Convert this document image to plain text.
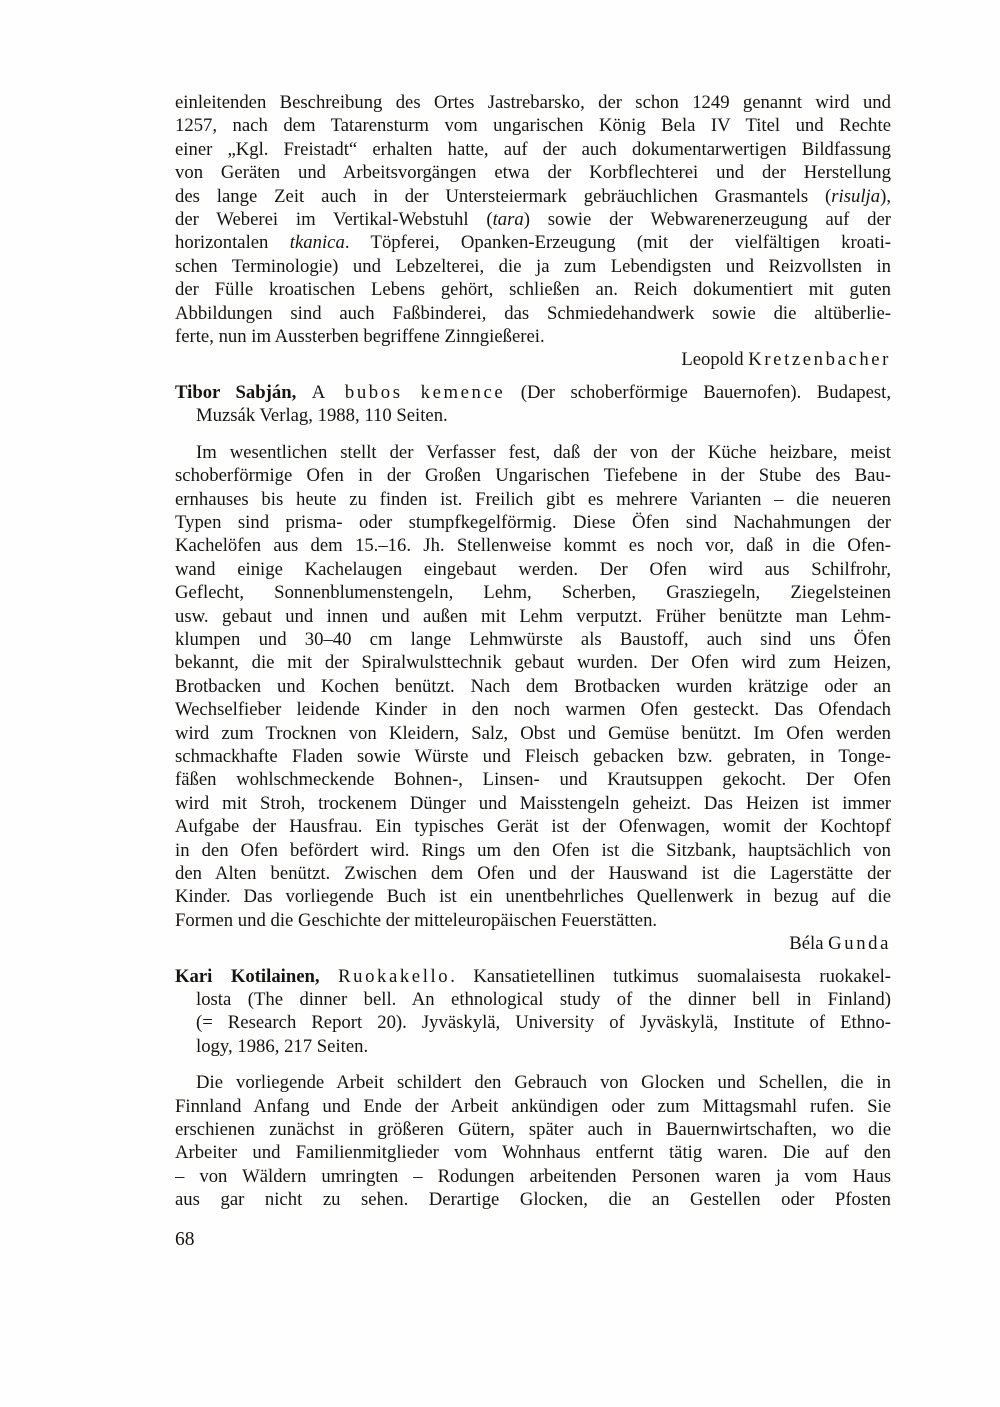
einleitenden Beschreibung des Ortes Jastrebarsko, der schon 1249 genannt wird und
1257, nach dem Tatarensturm vom ungarischen König Bela IV Titel und Rechte
einer „Kgl. Freistadt“ erhalten hatte, auf der auch dokumentarwertigen Bildfassung
von Geräten und Arbeitsvorgängen etwa der Korbflechterei und der Herstellung
des lange Zeit auch in der Untersteiermark gebräuchlichen Grasmantels (risulja),
der Weberei im Vertikal-Webstuhl (tara) sowie der Webwarenerzeugung auf der
horizontalen tkanica. Töpferei, Opanken-Erzeugung (mit der vielfältigen kroati-
schen Terminologie) und Lebzelterei, die ja zum Lebendigsten und Reizvollsten in
der Fülle kroatischen Lebens gehört, schließen an. Reich dokumentiert mit guten
Abbildungen sind auch Faßbinderei, das Schmiedehandwerk sowie die altüberlie-
ferte, nun im Aussterben begriffene Zinngießerei.
Leopold Kretzenbacher
Tibor Sabján, A bubos kemence (Der schoberförmige Bauernofen). Budapest,
Muzsák Verlag, 1988, 110 Seiten.
Im wesentlichen stellt der Verfasser fest, daß der von der Küche heizbare, meist
schoberförmige Ofen in der Großen Ungarischen Tiefebene in der Stube des Bau-
ernhauses bis heute zu finden ist. Freilich gibt es mehrere Varianten – die neueren
Typen sind prisma- oder stumpfkegelförmig. Diese Öfen sind Nachahmungen der
Kachelöfen aus dem 15.–16. Jh. Stellenweise kommt es noch vor, daß in die Ofen-
wand einige Kachelaugen eingebaut werden. Der Ofen wird aus Schilfrohr,
Geflecht, Sonnenblumenstengeln, Lehm, Scherben, Grasziegeln, Ziegelsteinen
usw. gebaut und innen und außen mit Lehm verputzt. Früher benützte man Lehm-
klumpen und 30–40 cm lange Lehmwürste als Baustoff, auch sind uns Öfen
bekannt, die mit der Spiralwulsttechnik gebaut wurden. Der Ofen wird zum Heizen,
Brotbacken und Kochen benützt. Nach dem Brotbacken wurden krätzige oder an
Wechselfieber leidende Kinder in den noch warmen Ofen gesteckt. Das Ofendach
wird zum Trocknen von Kleidern, Salz, Obst und Gemüse benützt. Im Ofen werden
schmackhafte Fladen sowie Würste und Fleisch gebacken bzw. gebraten, in Tonge-
fäßen wohlschmeckende Bohnen-, Linsen- und Krautsuppen gekocht. Der Ofen
wird mit Stroh, trockenem Dünger und Maisstengeln geheizt. Das Heizen ist immer
Aufgabe der Hausfrau. Ein typisches Gerät ist der Ofenwagen, womit der Kochtopf
in den Ofen befördert wird. Rings um den Ofen ist die Sitzbank, hauptsächlich von
den Alten benützt. Zwischen dem Ofen und der Hauswand ist die Lagerstätte der
Kinder. Das vorliegende Buch ist ein unentbehrliches Quellenwerk in bezug auf die
Formen und die Geschichte der mitteleuropäischen Feuerstätten.
Béla Gunda
Kari Kotilainen, Ruokakello. Kansatietellinen tutkimus suomalaisesta ruokakel-
losta (The dinner bell. An ethnological study of the dinner bell in Finland)
(= Research Report 20). Jyväskylä, University of Jyväskylä, Institute of Ethno-
logy, 1986, 217 Seiten.
Die vorliegende Arbeit schildert den Gebrauch von Glocken und Schellen, die in
Finnland Anfang und Ende der Arbeit ankündigen oder zum Mittagsmahl rufen. Sie
erschienen zunächst in größeren Gütern, später auch in Bauernwirtschaften, wo die
Arbeiter und Familienmitglieder vom Wohnhaus entfernt tätig waren. Die auf den
– von Wäldern umringten – Rodungen arbeitenden Personen waren ja vom Haus
aus gar nicht zu sehen. Derartige Glocken, die an Gestellen oder Pfosten
68
